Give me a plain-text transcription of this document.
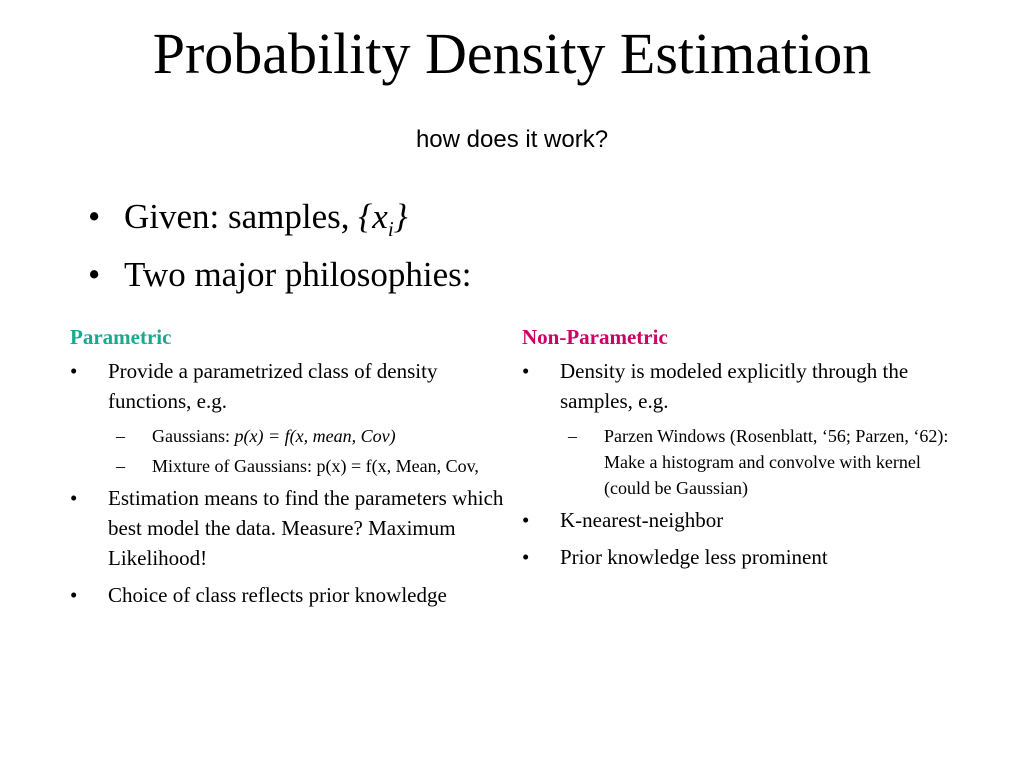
Probability Density Estimation
how does it work?
• Given: samples, $\{x_i\}$
• Two major philosophies:
Parametric
•	Provide a parametrized class of density functions, e.g.
–	Gaussians: p(x) = f(x, mean, Cov)
–	Mixture of Gaussians: p(x) = f(x, Mean, Cov,
•	Estimation means to find the parameters which best model the data. Measure? Maximum Likelihood!
•	Choice of class reflects prior knowledge
Non-Parametric
•	Density is modeled explicitly through the samples, e.g.
–	Parzen Windows (Rosenblatt, ‘56; Parzen, ‘62): Make a histogram and convolve with kernel (could be Gaussian)
•	K-nearest-neighbor
•	Prior knowledge less prominent
